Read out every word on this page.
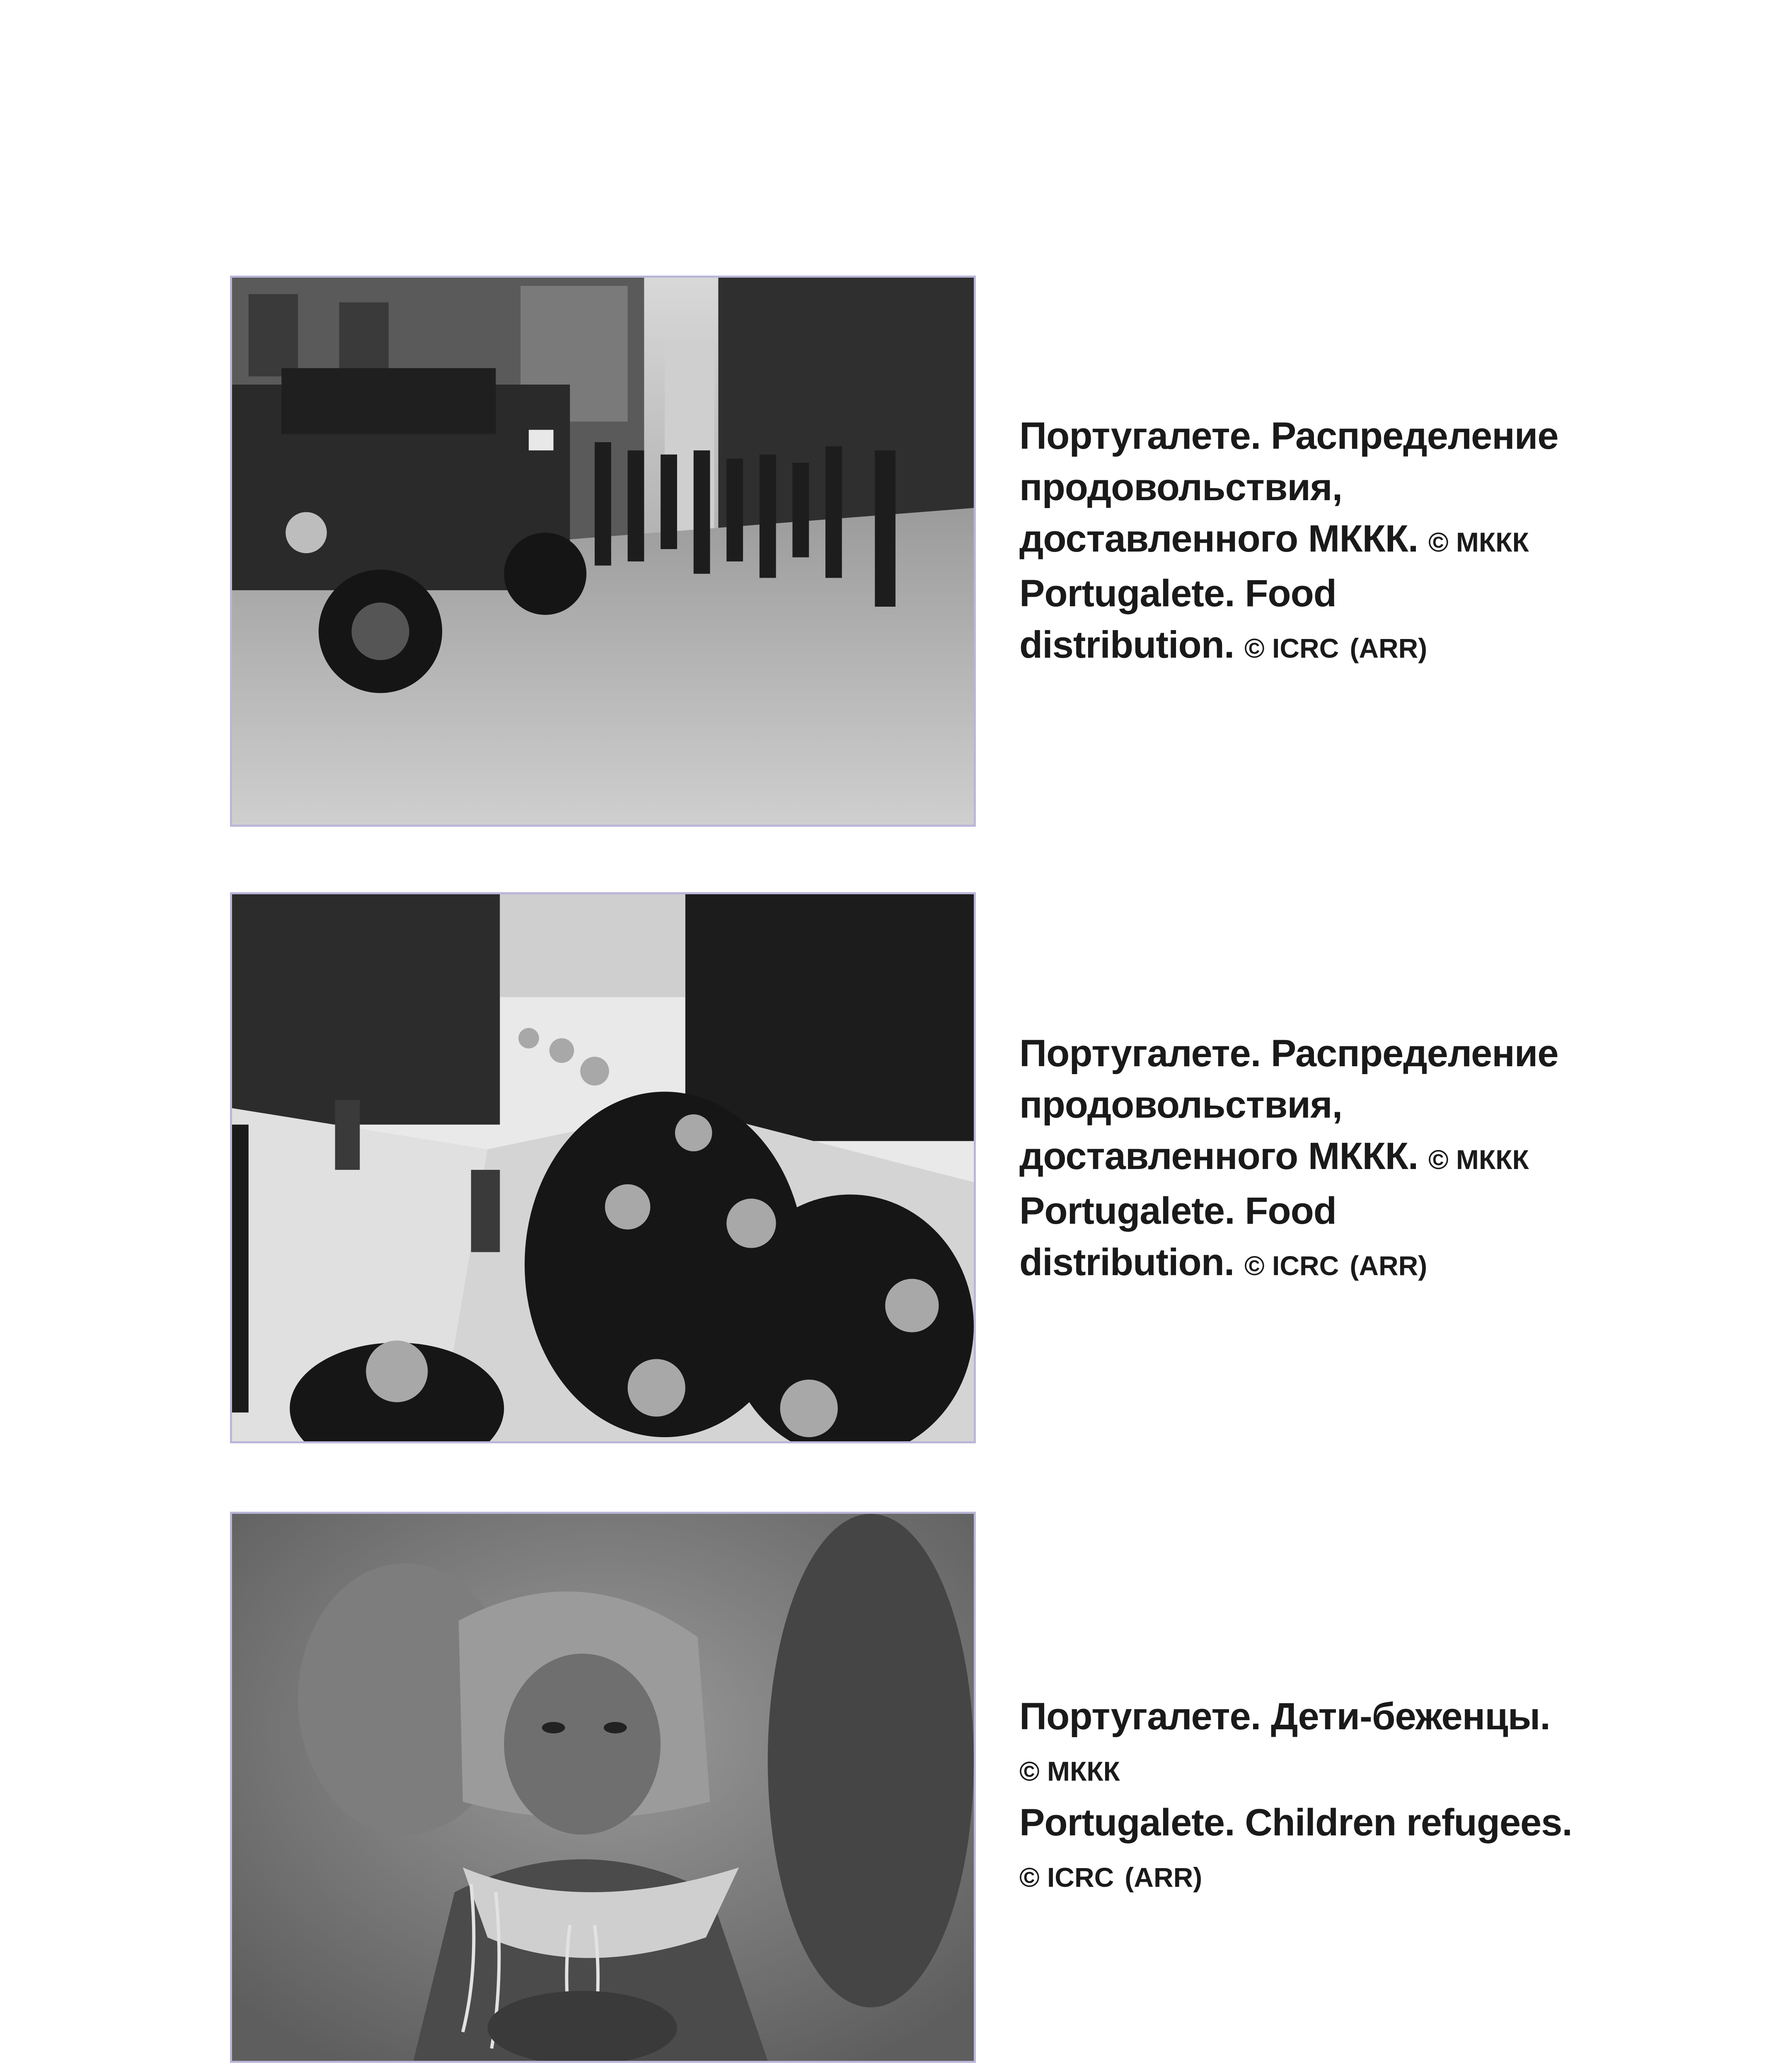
Португалете. Распределение
продовольствия,
доставленного МККК. © МККК
Portugalete. Food
distribution. © ICRC (ARR)
Португалете. Распределение
продовольствия,
доставленного МККК. © МККК
Portugalete. Food
distribution. © ICRC (ARR)
Португалете. Дети-беженцы.
© МККК
Portugalete. Children refugees.
© ICRC (ARR)
